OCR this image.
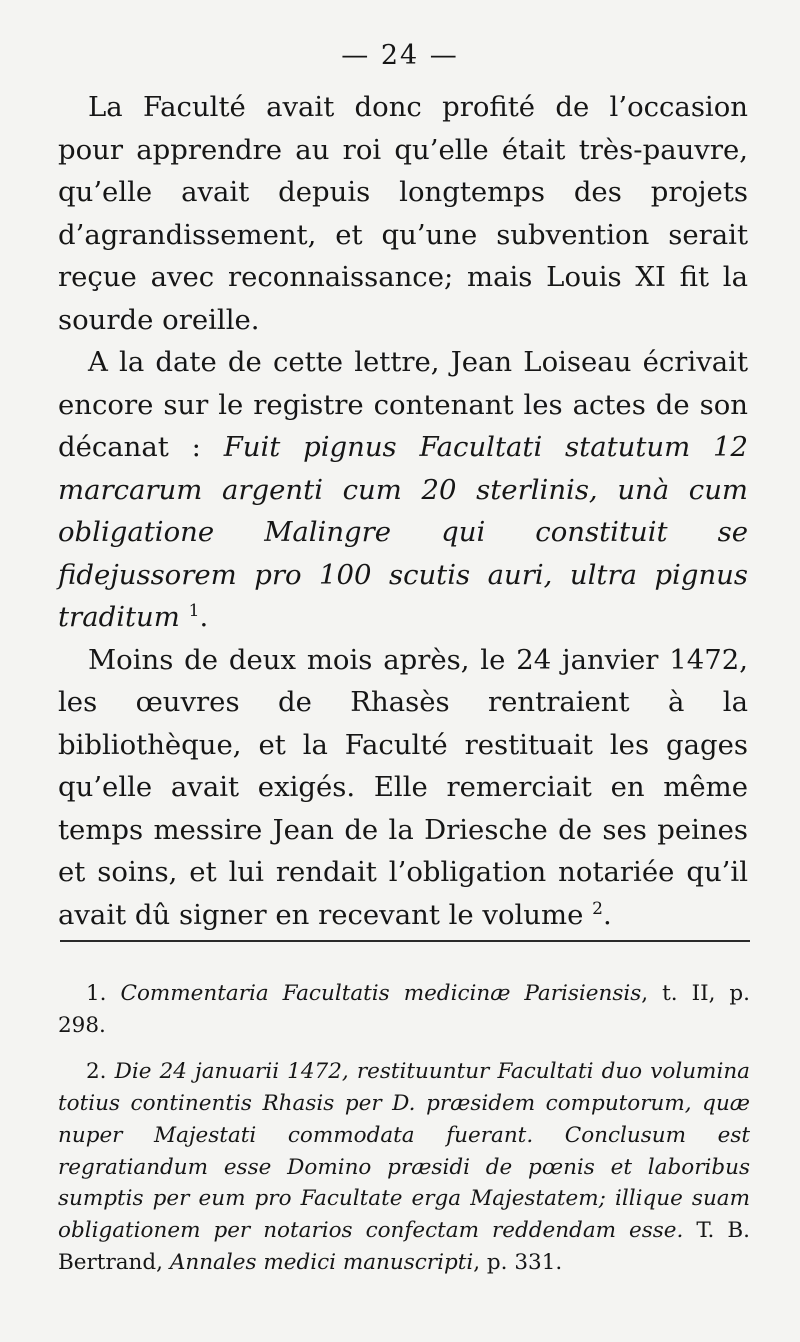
— 24 —

La Faculté avait donc profité de l’occasion pour apprendre au roi qu’elle était très-pauvre, qu’elle avait depuis longtemps des projets d’agrandissement, et qu’une subvention serait reçue avec reconnaissance; mais Louis XI fit la sourde oreille.

A la date de cette lettre, Jean Loiseau écrivait encore sur le registre contenant les actes de son décanat : Fuit pignus Facultati statutum 12 marcarum argenti cum 20 sterlinis, unà cum obligatione Malingre qui constituit se fidejussorem pro 100 scutis auri, ultra pignus traditum $^1$.

Moins de deux mois après, le 24 janvier 1472, les œuvres de Rhasès rentraient à la bibliothèque, et la Faculté restituait les gages qu’elle avait exigés. Elle remerciait en même temps messire Jean de la Driesche de ses peines et soins, et lui rendait l’obligation notariée qu’il avait dû signer en recevant le volume $^2$.

1. Commentaria Facultatis medicinæ Parisiensis, t. II, p. 298.

2. Die 24 januarii 1472, restituuntur Facultati duo volumina totius continentis Rhasis per D. præsidem computorum, quæ nuper Majestati commodata fuerant. Conclusum est regratiandum esse Domino præsidi de pœnis et laboribus sumptis per eum pro Facultate erga Majestatem; illique suam obligationem per notarios confectam reddendam esse. T. B. Bertrand, Annales medici manuscripti, p. 331.
